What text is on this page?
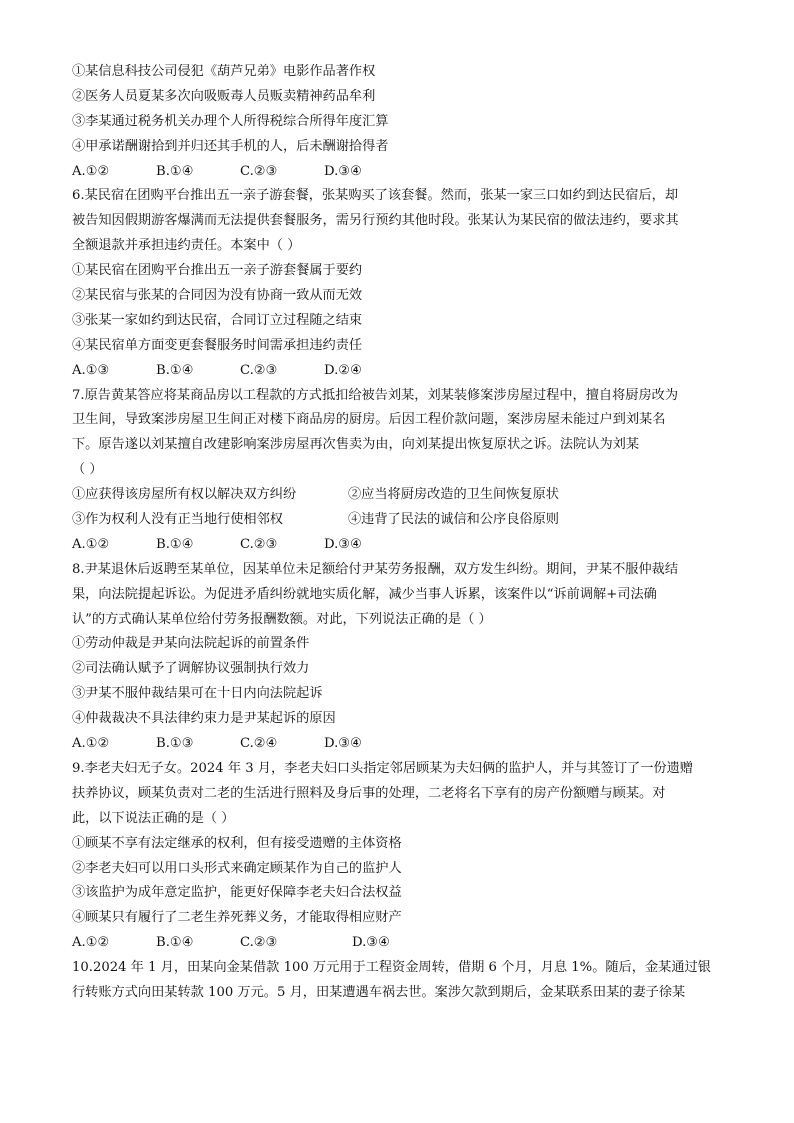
①某信息科技公司侵犯《葫芦兄弟》电影作品著作权
②医务人员夏某多次向吸贩毒人员贩卖精神药品牟利
③李某通过税务机关办理个人所得税综合所得年度汇算
④甲承诺酬谢拾到并归还其手机的人，后未酬谢拾得者
A.①②	B.①④	C.②③	D.③④
6.某民宿在团购平台推出五一亲子游套餐，张某购买了该套餐。然而，张某一家三口如约到达民宿后，却
被告知因假期游客爆满而无法提供套餐服务，需另行预约其他时段。张某认为某民宿的做法违约，要求其
全额退款并承担违约责任。本案中（ ）
①某民宿在团购平台推出五一亲子游套餐属于要约
②某民宿与张某的合同因为没有协商一致从而无效
③张某一家如约到达民宿，合同订立过程随之结束
④某民宿单方面变更套餐服务时间需承担违约责任
A.①③	B.①④	C.②③	D.②④
7.原告黄某答应将某商品房以工程款的方式抵扣给被告刘某，刘某装修案涉房屋过程中，擅自将厨房改为
卫生间，导致案涉房屋卫生间正对楼下商品房的厨房。后因工程价款问题，案涉房屋未能过户到刘某名
下。原告遂以刘某擅自改建影响案涉房屋再次售卖为由，向刘某提出恢复原状之诉。法院认为刘某
（ ）
①应获得该房屋所有权以解决双方纠纷	②应当将厨房改造的卫生间恢复原状
③作为权利人没有正当地行使相邻权	④违背了民法的诚信和公序良俗原则
A.①②	B.①④	C.②③	D.③④
8.尹某退休后返聘至某单位，因某单位未足额给付尹某劳务报酬，双方发生纠纷。期间，尹某不服仲裁结
果，向法院提起诉讼。为促进矛盾纠纷就地实质化解，减少当事人诉累，该案件以“诉前调解+司法确
认”的方式确认某单位给付劳务报酬数额。对此，下列说法正确的是（ ）
①劳动仲裁是尹某向法院起诉的前置条件
②司法确认赋予了调解协议强制执行效力
③尹某不服仲裁结果可在十日内向法院起诉
④仲裁裁决不具法律约束力是尹某起诉的原因
A.①②	B.①③	C.②④	D.③④
9.李老夫妇无子女。2024 年 3 月，李老夫妇口头指定邻居顾某为夫妇俩的监护人，并与其签订了一份遗赠
扶养协议，顾某负责对二老的生活进行照料及身后事的处理，二老将名下享有的房产份额赠与顾某。对
此，以下说法正确的是（ ）
①顾某不享有法定继承的权利，但有接受遗赠的主体资格
②李老夫妇可以用口头形式来确定顾某作为自己的监护人
③该监护为成年意定监护，能更好保障李老夫妇合法权益
④顾某只有履行了二老生养死葬义务，才能取得相应财产
A.①②	B.①④	C.②③	D.③④
10.2024 年 1 月，田某向金某借款 100 万元用于工程资金周转，借期 6 个月，月息 1%。随后，金某通过银
行转账方式向田某转款 100 万元。5 月，田某遭遇车祸去世。案涉欠款到期后，金某联系田某的妻子徐某
